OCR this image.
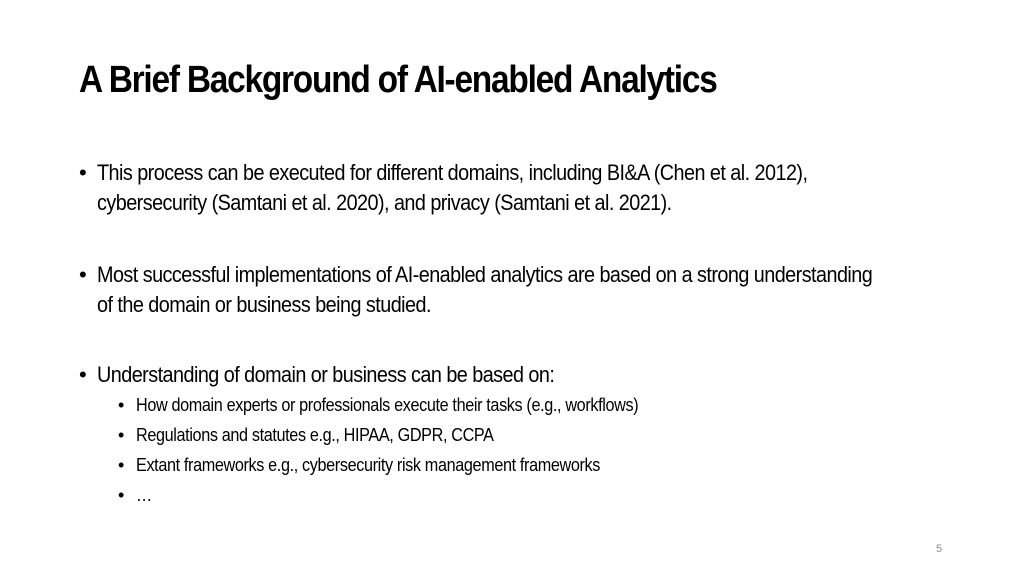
A Brief Background of AI-enabled Analytics
• This process can be executed for different domains, including BI&A (Chen et al. 2012), cybersecurity (Samtani et al. 2020), and privacy (Samtani et al. 2021).
• Most successful implementations of AI-enabled analytics are based on a strong understanding of the domain or business being studied.
• Understanding of domain or business can be based on:
• How domain experts or professionals execute their tasks (e.g., workflows)
• Regulations and statutes e.g., HIPAA, GDPR, CCPA
• Extant frameworks e.g., cybersecurity risk management frameworks
• …
5
